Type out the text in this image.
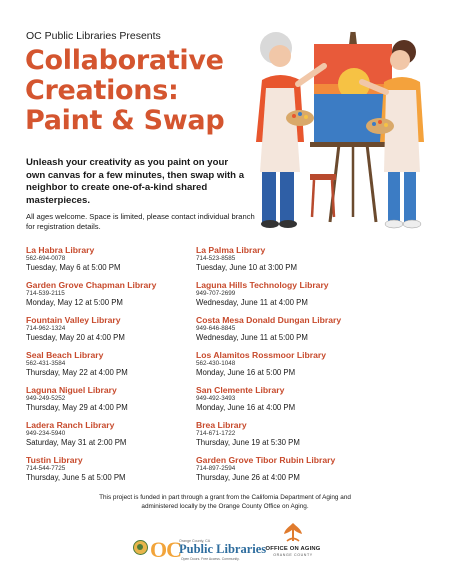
OC Public Libraries Presents
Collaborative
Creations:
Paint & Swap
Unleash your creativity as you paint on your own canvas for a few minutes, then swap with a neighbor to create one-of-a-kind shared masterpieces.
All ages welcome. Space is limited, please contact individual branch for registration details.
La Habra Library
562-694-0078
Tuesday, May 6 at 5:00 PM
Garden Grove Chapman Library
714-539-2115
Monday, May 12 at 5:00 PM
Fountain Valley Library
714-962-1324
Tuesday, May 20 at 4:00 PM
Seal Beach Library
562-431-3584
Thursday, May 22 at 4:00 PM
Laguna Niguel Library
949-249-5252
Thursday, May 29 at 4:00 PM
Ladera Ranch Library
949-234-5940
Saturday, May 31 at 2:00 PM
Tustin Library
714-544-7725
Thursday, June 5 at 5:00 PM
La Palma Library
714-523-8585
Tuesday, June 10 at 3:00 PM
Laguna Hills Technology Library
949-707-2699
Wednesday, June 11 at 4:00 PM
Costa Mesa Donald Dungan Library
949-646-8845
Wednesday, June 11 at 5:00 PM
Los Alamitos Rossmoor Library
562-430-1048
Monday, June 16 at 5:00 PM
San Clemente Library
949-492-3493
Monday, June 16 at 4:00 PM
Brea Library
714-671-1722
Thursday, June 19 at 5:30 PM
Garden Grove Tibor Rubin Library
714-897-2594
Thursday, June 26 at 4:00 PM
This project is funded in part through a grant from the California Department of Aging and administered locally by the Orange County Office on Aging.
OC
Orange County, CA
Public Libraries
Open Doors. Free Access. Community.
OFFICE ON AGING
ORANGE COUNTY
